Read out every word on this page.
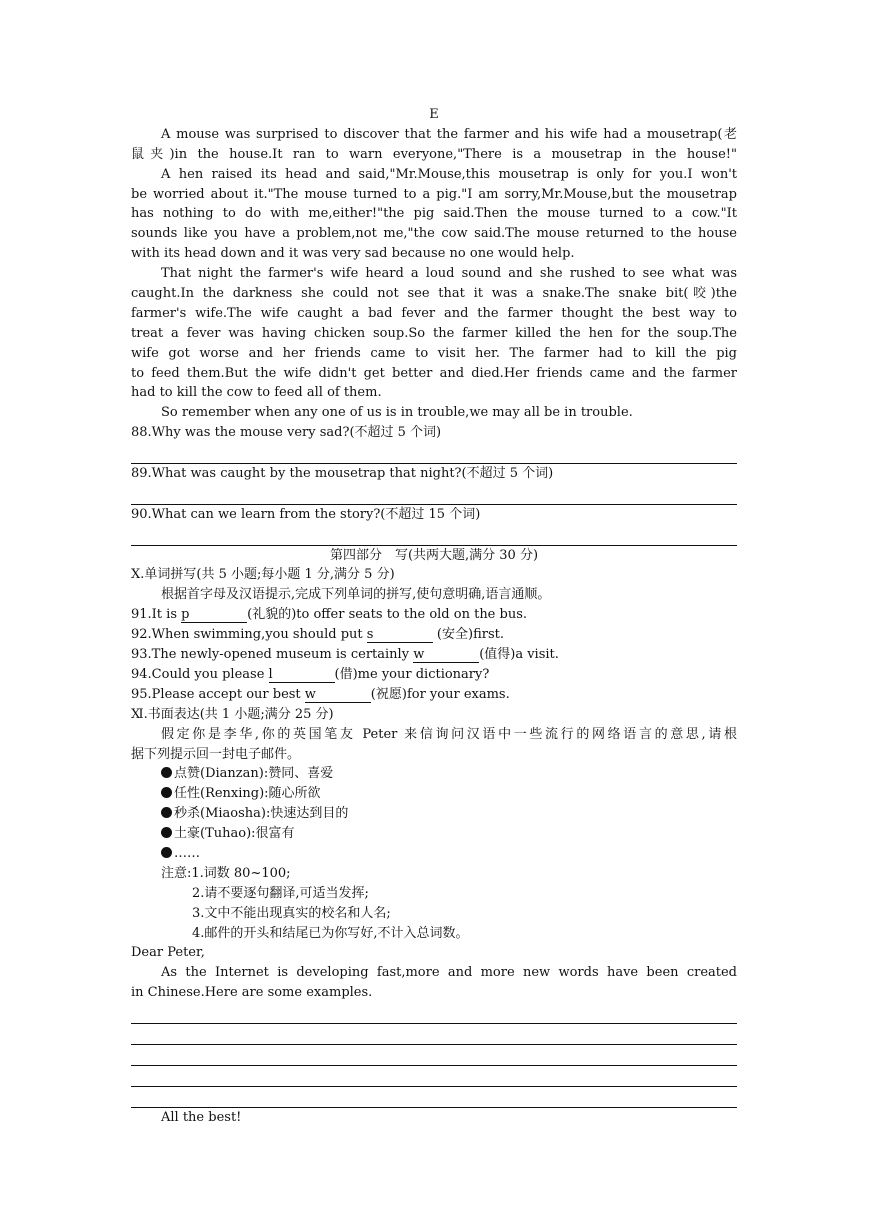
E
A mouse was surprised to discover that the farmer and his wife had a mousetrap(老
鼠夹)in the house.It ran to warn everyone,"There is a mousetrap in the house!"
A hen raised its head and said,"Mr.Mouse,this mousetrap is only for you.I won't
be worried about it."The mouse turned to a pig."I am sorry,Mr.Mouse,but the mousetrap
has nothing to do with me,either!"the pig said.Then the mouse turned to a cow."It
sounds like you have a problem,not me,"the cow said.The mouse returned to the house
with its head down and it was very sad because no one would help.
That night the farmer's wife heard a loud sound and she rushed to see what was
caught.In the darkness she could not see that it was a snake.The snake bit(咬)the
farmer's wife.The wife caught a bad fever and the farmer thought the best way to
treat a fever was having chicken soup.So the farmer killed the hen for the soup.The
wife got worse and her friends came to visit her. The farmer had to kill the pig
to feed them.But the wife didn't get better and died.Her friends came and the farmer
had to kill the cow to feed all of them.
So remember when any one of us is in trouble,we may all be in trouble.
88.Why was the mouse very sad?(不超过 5 个词)
89.What was caught by the mousetrap that night?(不超过 5 个词)
90.What can we learn from the story?(不超过 15 个词)
第四部分　写(共两大题,满分 30 分)
Ⅹ.单词拼写(共 5 小题;每小题 1 分,满分 5 分)
根据首字母及汉语提示,完成下列单词的拼写,使句意明确,语言通顺。
91.It is p	(礼貌的)to offer seats to the old on the bus.
92.When swimming,you should put s	(安全)first.
93.The newly-opened museum is certainly w	(值得)a visit.
94.Could you please l	(借)me your dictionary?
95.Please accept our best w	(祝愿)for your exams.
Ⅺ.书面表达(共 1 小题;满分 25 分)
假定你是李华,你的英国笔友 Peter 来信询问汉语中一些流行的网络语言的意思,请根
据下列提示回一封电子邮件。
点赞(Dianzan):赞同、喜爱
任性(Renxing):随心所欲
秒杀(Miaosha):快速达到目的
土豪(Tuhao):很富有
……
注意:1.词数 80~100;
2.请不要逐句翻译,可适当发挥;
3.文中不能出现真实的校名和人名;
4.邮件的开头和结尾已为你写好,不计入总词数。
Dear Peter,
As the Internet is developing fast,more and more new words have been created
in Chinese.Here are some examples.
All the best!
